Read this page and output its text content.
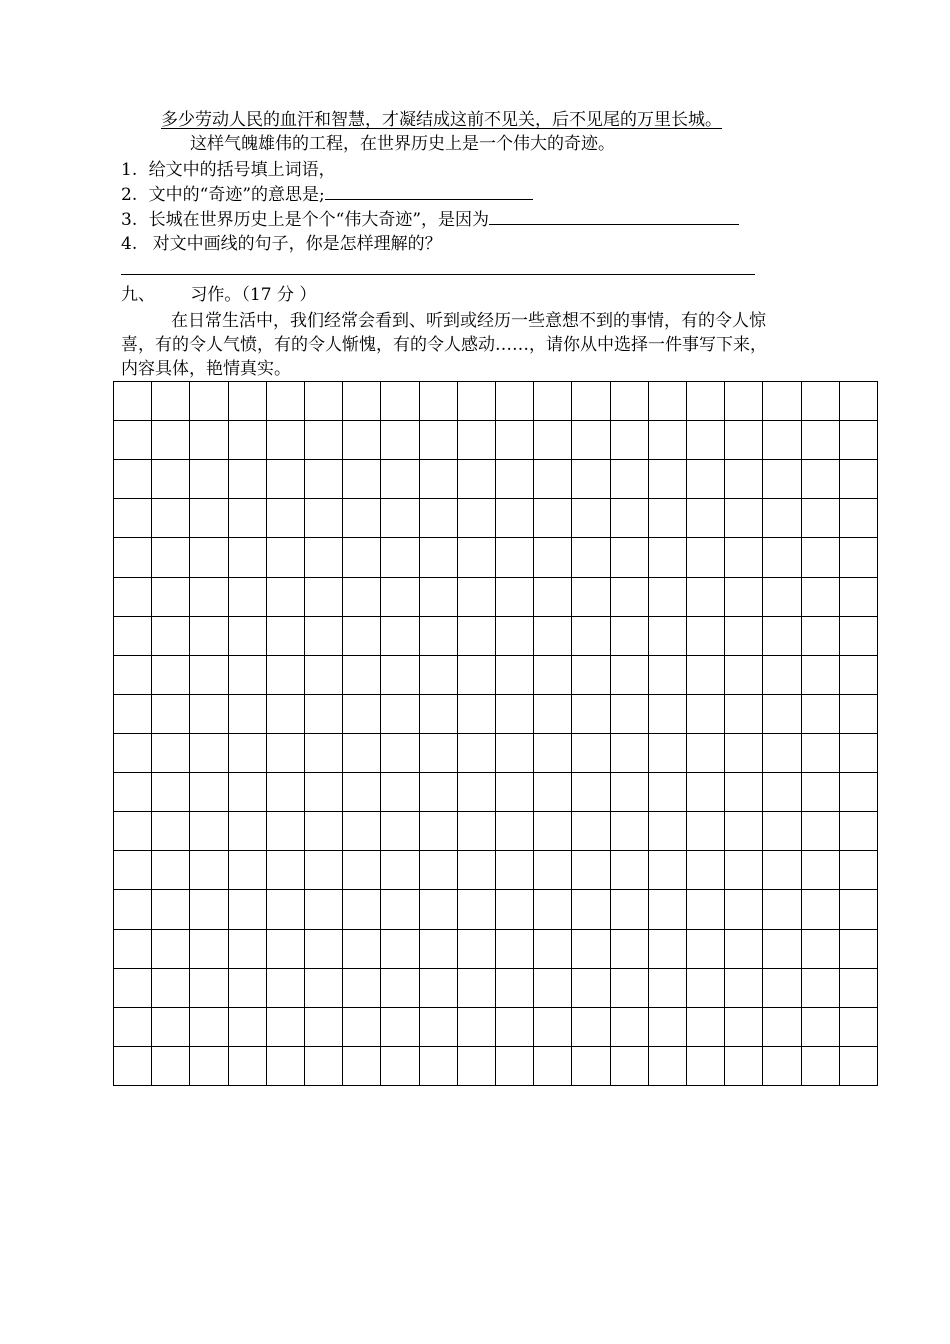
多少劳动人民的血汗和智慧，才凝结成这前不见关，后不见尾的万里长城。
这样气魄雄伟的工程，在世界历史上是一个伟大的奇迹。
1. 给文中的括号填上词语，
2. 文中的“奇迹”的意思是;
3. 长城在世界历史上是个个“伟大奇迹”，是因为
4. 对文中画线的句子，你是怎样理解的？
九、 习作。（17 分 ）
在日常生活中，我们经常会看到、听到或经历一些意想不到的事情，有的令人惊
喜，有的令人气愤，有的令人惭愧，有的令人感动……，请你从中选择一件事写下来，
内容具体，艳情真实。
